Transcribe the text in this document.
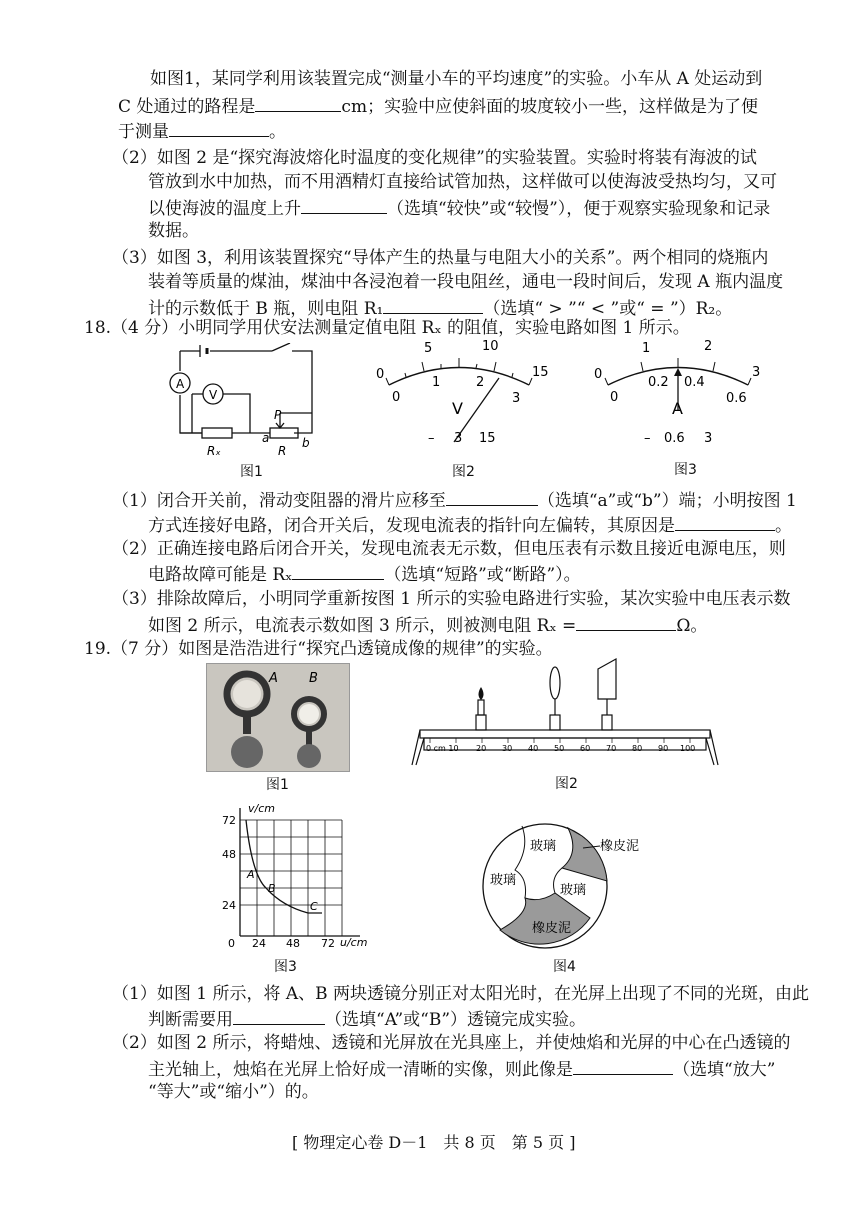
如图1，某同学利用该装置完成“测量小车的平均速度”的实验。小车从 A 处运动到
C 处通过的路程是	cm；实验中应使斜面的坡度较小一些，这样做是为了便
于测量	。
（2）如图 2 是“探究海波熔化时温度的变化规律”的实验装置。实验时将装有海波的试
管放到水中加热，而不用酒精灯直接给试管加热，这样做可以使海波受热均匀，又可
以使海波的温度上升	（选填“较快”或“较慢”），便于观察实验现象和记录
数据。
（3）如图 3，利用该装置探究“导体产生的热量与电阻大小的关系”。两个相同的烧瓶内
装着等质量的煤油，煤油中各浸泡着一段电阻丝，通电一段时间后，发现 A 瓶内温度
计的示数低于 B 瓶，则电阻 R₁	（选填“ > ”“ < ”或“ = ”）R₂。
18.（4 分）小明同学用伏安法测量定值电阻 Rₓ 的阻值，实验电路如图 1 所示。
A
V
P
Rₓ	R
a	b
图1
0
5	10
15
0
1	2
3
V
– 3 15
图2
0
1	2
3
0
0.2 0.4
0.6
A
– 0.6 3
图3
（1）闭合开关前，滑动变阻器的滑片应移至	（选填“a”或“b”）端；小明按图 1
方式连接好电路，闭合开关后，发现电流表的指针向左偏转，其原因是	。
（2）正确连接电路后闭合开关，发现电流表无示数，但电压表有示数且接近电源电压，则
电路故障可能是 Rₓ	（选填“短路”或“断路”）。
（3）排除故障后，小明同学重新按图 1 所示的实验电路进行实验，某次实验中电压表示数
如图 2 所示，电流表示数如图 3 所示，则被测电阻 Rₓ =	Ω。
19.（7 分）如图是浩浩进行“探究凸透镜成像的规律”的实验。
A B
图1
0 cm 10 20 30 40 50 60 70 80 90 100
图2
v/cm
u/cm
72
48
24
0 24 48 72
A
B
C
图3
玻璃
玻璃
玻璃
橡皮泥
橡皮泥
图4
（1）如图 1 所示，将 A、B 两块透镜分别正对太阳光时，在光屏上出现了不同的光斑，由此
判断需要用	（选填“A”或“B”）透镜完成实验。
（2）如图 2 所示，将蜡烛、透镜和光屏放在光具座上，并使烛焰和光屏的中心在凸透镜的
主光轴上，烛焰在光屏上恰好成一清晰的实像，则此像是	（选填“放大”
“等大”或“缩小”）的。
[ 物理定心卷 D－1　共 8 页　第 5 页 ]
